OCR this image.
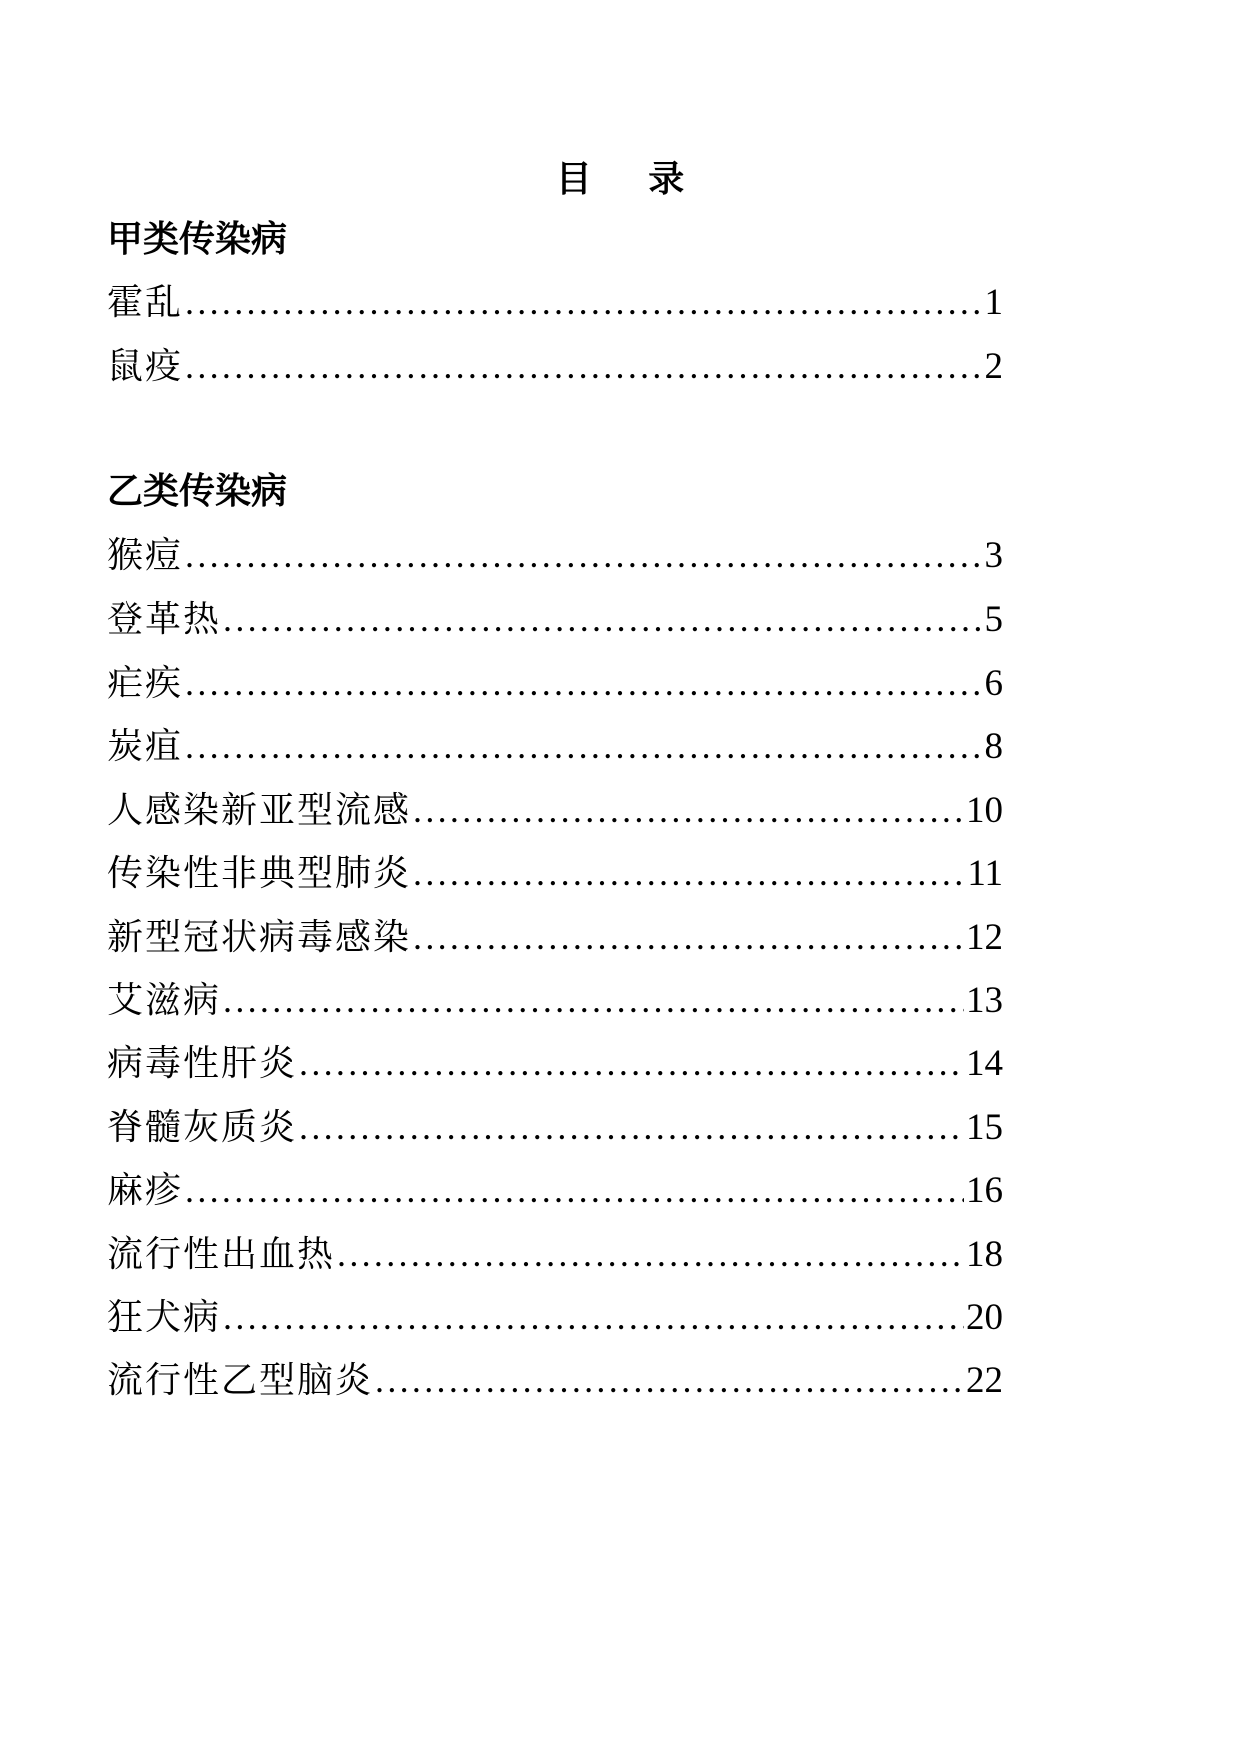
目 录
甲类传染病
霍乱 .....	1
鼠疫 .....	2
乙类传染病
猴痘 .....	3
登革热 .....	5
疟疾 .....	6
炭疽 .....	8
人感染新亚型流感 .....	10
传染性非典型肺炎 .....	11
新型冠状病毒感染 .....	12
艾滋病 .....	13
病毒性肝炎 .....	14
脊髓灰质炎 .....	15
麻疹 .....	16
流行性出血热 .....	18
狂犬病 .....	20
流行性乙型脑炎 .....	22
